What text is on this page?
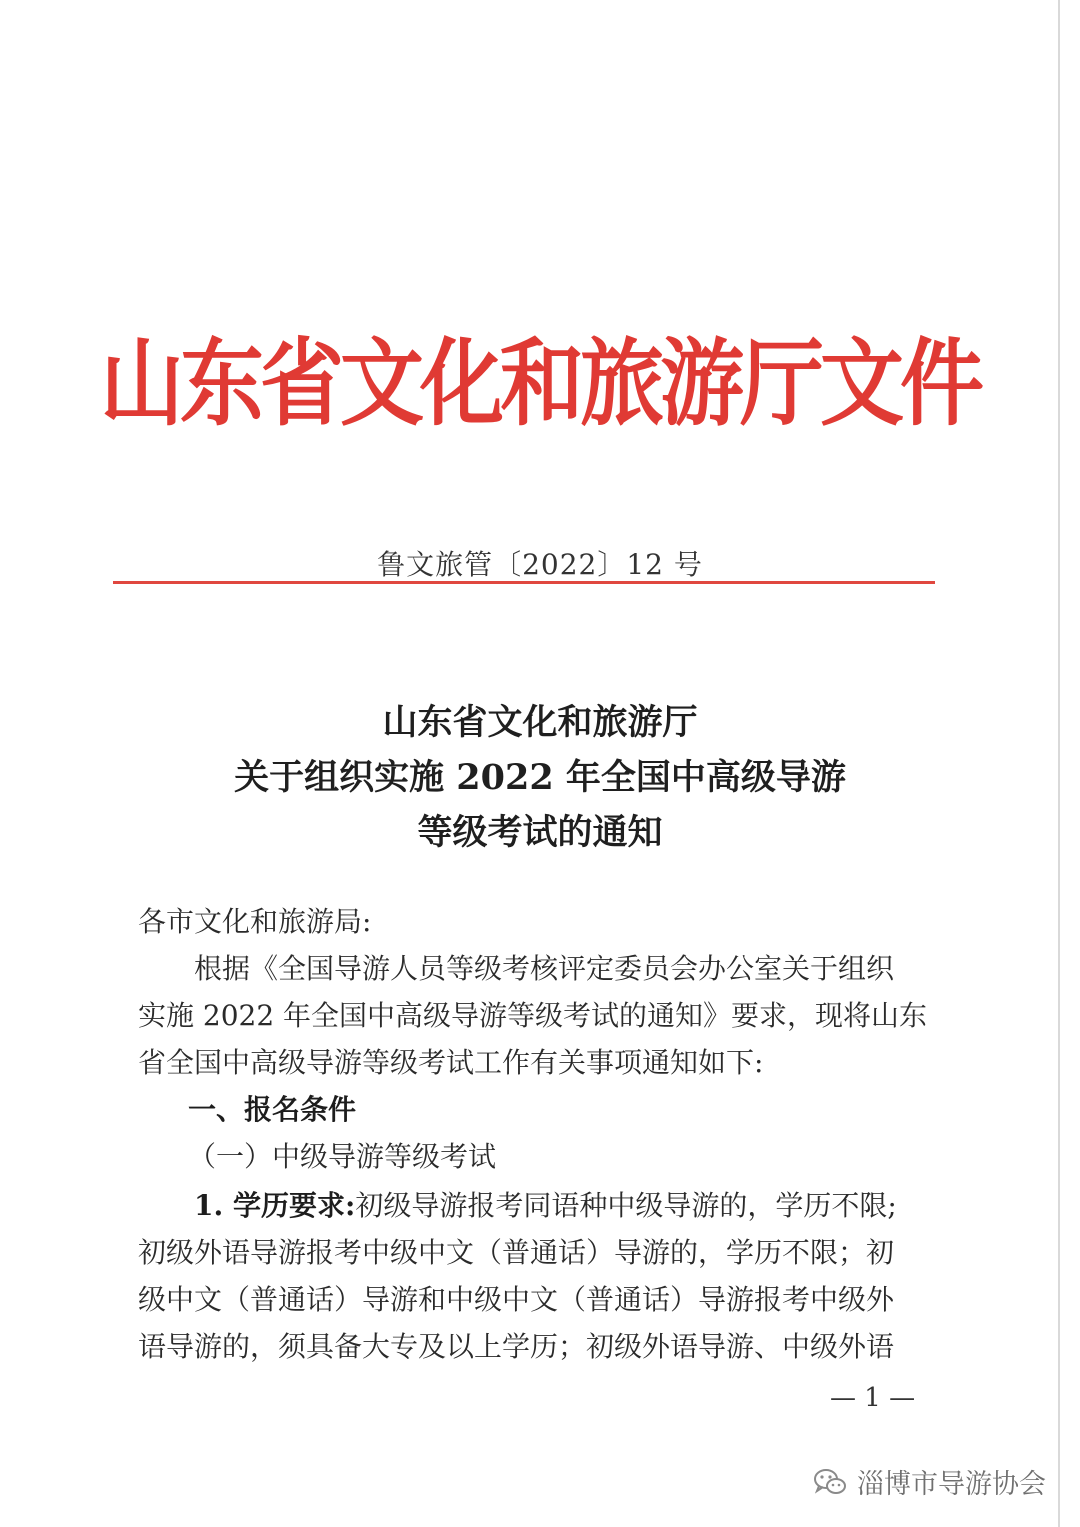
山东省文化和旅游厅文件
鲁文旅管〔2022〕12 号
山东省文化和旅游厅
关于组织实施 2022 年全国中高级导游
等级考试的通知
各市文化和旅游局:
根据《全国导游人员等级考核评定委员会办公室关于组织
实施 2022 年全国中高级导游等级考试的通知》要求，现将山东
省全国中高级导游等级考试工作有关事项通知如下:
一、报名条件
（一）中级导游等级考试
1. 学历要求:初级导游报考同语种中级导游的，学历不限;
初级外语导游报考中级中文（普通话）导游的，学历不限；初
级中文（普通话）导游和中级中文（普通话）导游报考中级外
语导游的，须具备大专及以上学历；初级外语导游、中级外语
— 1 —
淄博市导游协会
